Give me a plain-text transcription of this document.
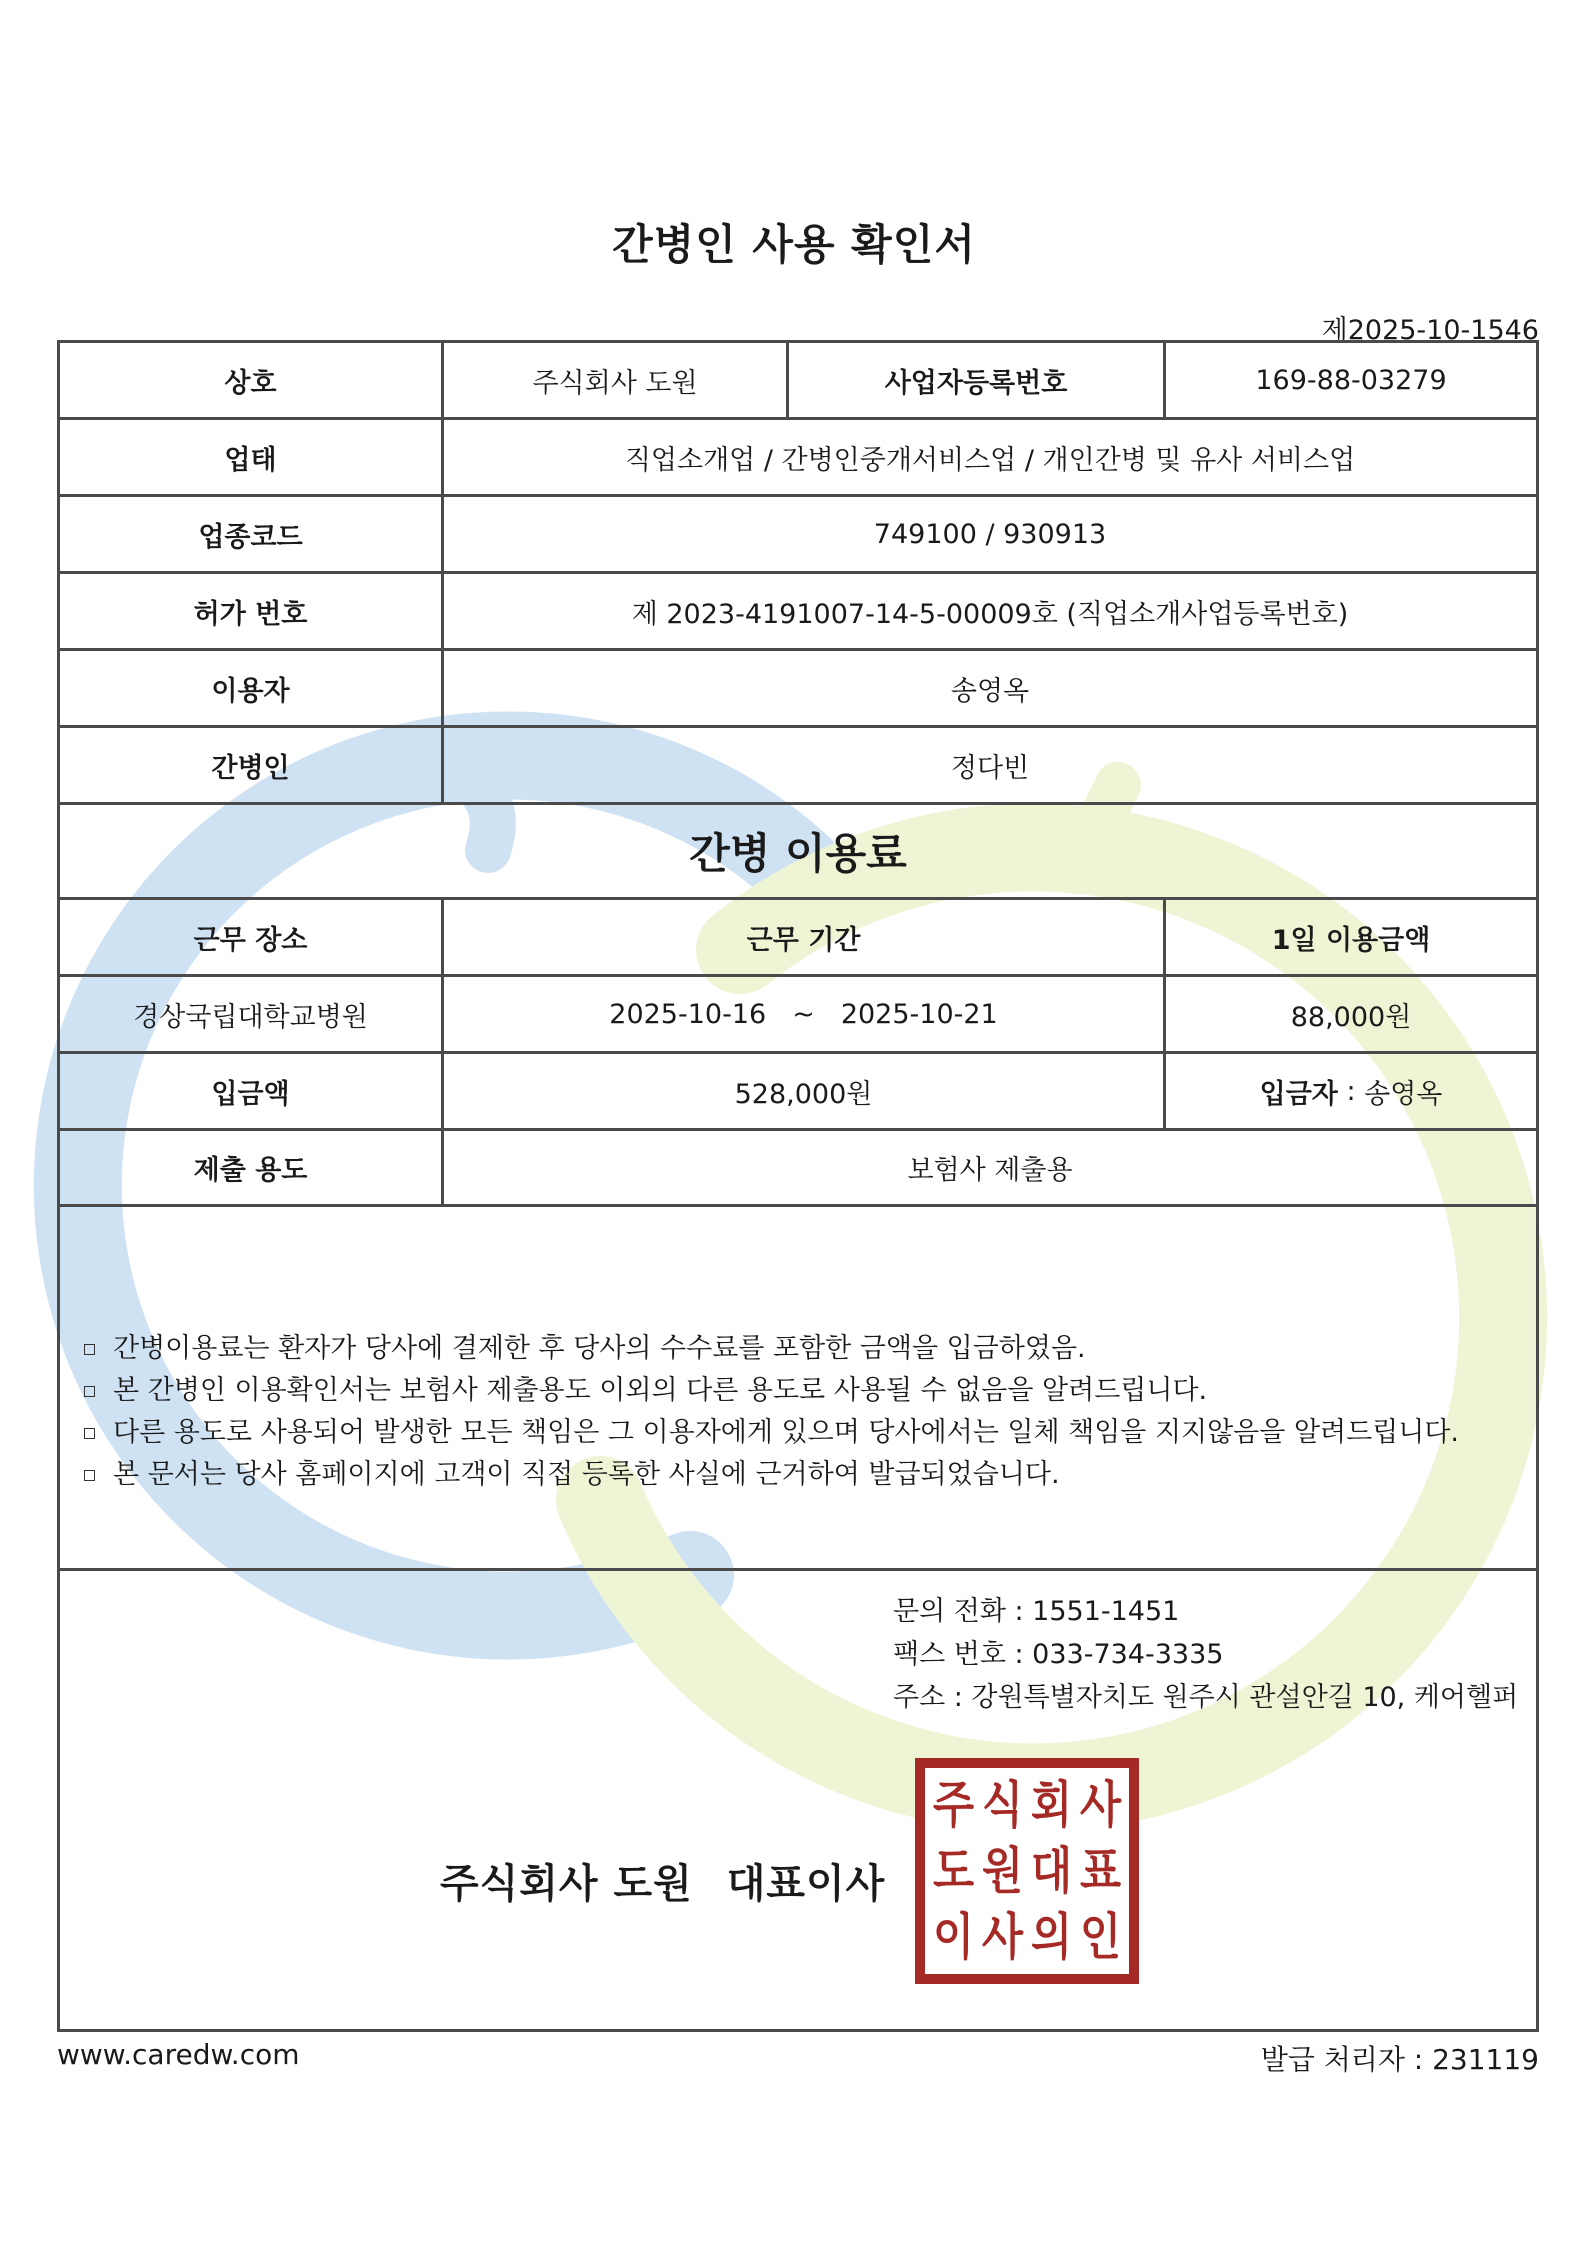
간병인 사용 확인서
제2025-10-1546
상호	주식회사 도원	사업자등록번호	169-88-03279
업태	직업소개업 / 간병인중개서비스업 / 개인간병 및 유사 서비스업
업종코드	749100 / 930913
허가 번호	제 2023-4191007-14-5-00009호 (직업소개사업등록번호)
이용자	송영옥
간병인	정다빈
간병 이용료
근무 장소	근무 기간	1일 이용금액
경상국립대학교병원	2025-10-16 ~ 2025-10-21	88,000원
입금액	528,000원	입금자 : 송영옥
제출 용도	보험사 제출용
간병이용료는 환자가 당사에 결제한 후 당사의 수수료를 포함한 금액을 입금하였음.
본 간병인 이용확인서는 보험사 제출용도 이외의 다른 용도로 사용될 수 없음을 알려드립니다.
다른 용도로 사용되어 발생한 모든 책임은 그 이용자에게 있으며 당사에서는 일체 책임을 지지않음을 알려드립니다.
본 문서는 당사 홈페이지에 고객이 직접 등록한 사실에 근거하여 발급되었습니다.
문의 전화 : 1551-1451
팩스 번호 : 033-734-3335
주소 : 강원특별자치도 원주시 관설안길 10, 케어헬퍼
주식회사 도원 대표이사
주 식 회 사
도 원 대 표
이 사 의 인
www.caredw.com	발급 처리자 : 231119
